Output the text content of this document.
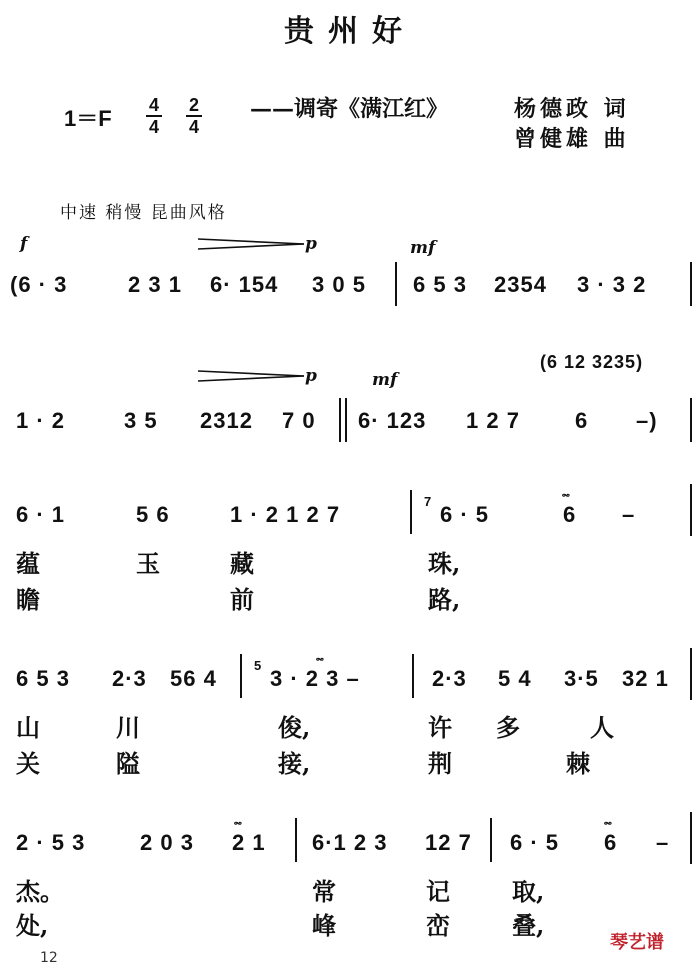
贵州好
1＝F
4
4
2
4
——调寄《满江红》	杨德政 词
曾健雄 曲
中速 稍慢 昆曲风格
f	p	mf
(6 · 3	2 3 1 6· 154 3 0 5 6 5 3 2354 3 · 3 2
(6 12 3235)
p	mf
1 · 2	3 5 2312 7 0 6· 123 1 2 7	6 –)
6 · 1	5 6	1 · 2 1 2 7
7
6 · 5
𝆗
6 –
蕴	玉	藏	珠,
瞻	前	路,
6 5 3 2·3 56 4
5	𝆗
3 · 2 3 –	2·3 5 4 3·5 32 1
山	川	俊,	许 多	人
关	隘	接,	荆	棘
2 · 5 3 2 0 3
𝆗
2 1 6·1 2 3 12 7 6 · 5
𝆗
6 –
杰。	常	记	取,
处,	峰	峦	叠,
12
琴艺谱
